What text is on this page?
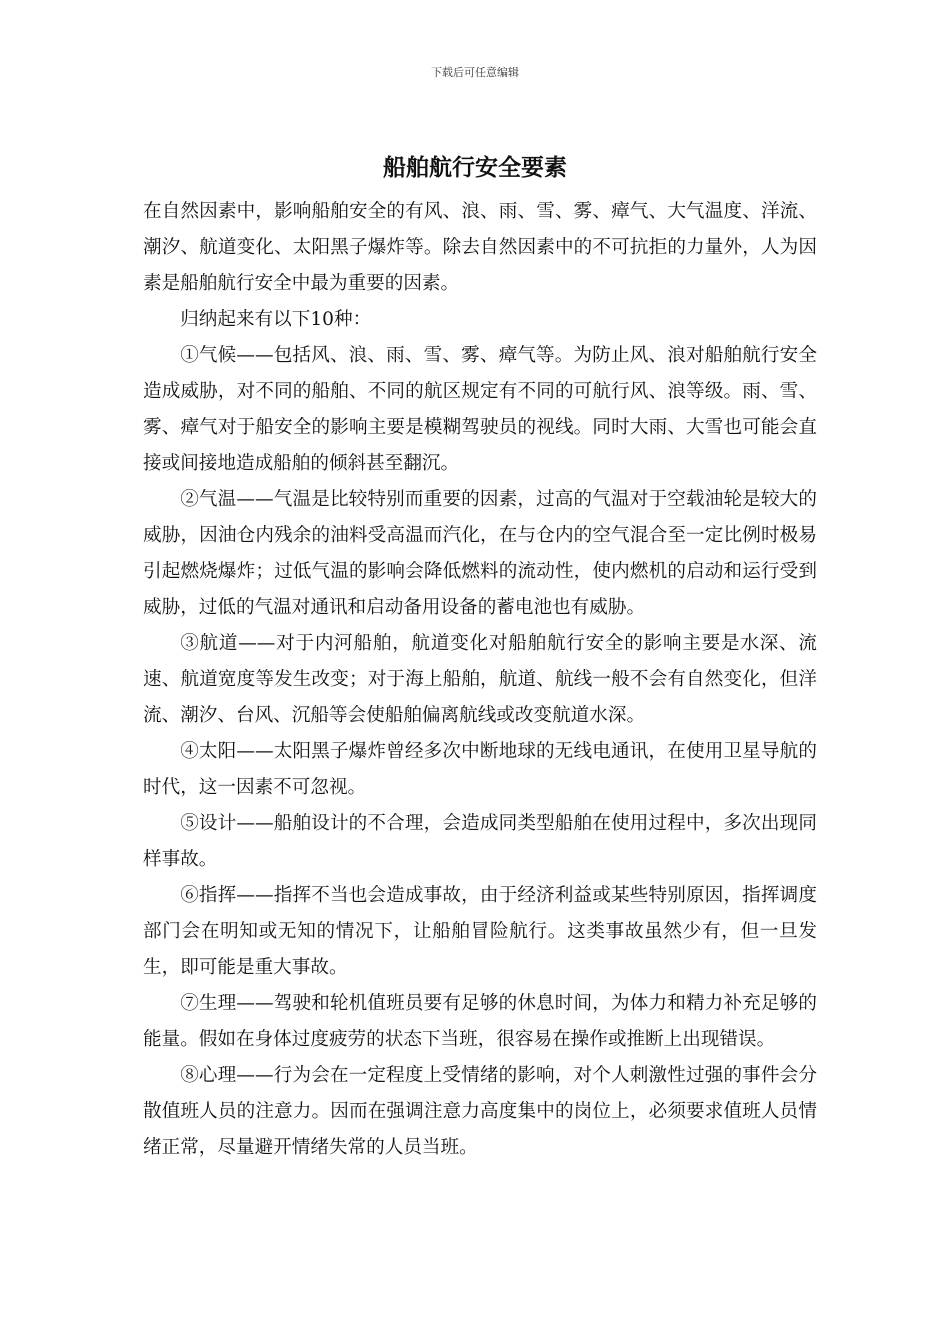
下载后可任意编辑
船舶航行安全要素

在自然因素中，影响船舶安全的有风、浪、雨、雪、雾、瘴气、大气温度、洋流、潮汐、航道变化、太阳黑子爆炸等。除去自然因素中的不可抗拒的力量外，人为因素是船舶航行安全中最为重要的因素。

归纳起来有以下10种：

①气候——包括风、浪、雨、雪、雾、瘴气等。为防止风、浪对船舶航行安全造成威胁，对不同的船舶、不同的航区规定有不同的可航行风、浪等级。雨、雪、雾、瘴气对于船安全的影响主要是模糊驾驶员的视线。同时大雨、大雪也可能会直接或间接地造成船舶的倾斜甚至翻沉。

②气温——气温是比较特别而重要的因素，过高的气温对于空载油轮是较大的威胁，因油仓内残余的油料受高温而汽化，在与仓内的空气混合至一定比例时极易引起燃烧爆炸；过低气温的影响会降低燃料的流动性，使内燃机的启动和运行受到威胁，过低的气温对通讯和启动备用设备的蓄电池也有威胁。

③航道——对于内河船舶，航道变化对船舶航行安全的影响主要是水深、流速、航道宽度等发生改变；对于海上船舶，航道、航线一般不会有自然变化，但洋流、潮汐、台风、沉船等会使船舶偏离航线或改变航道水深。

④太阳——太阳黑子爆炸曾经多次中断地球的无线电通讯，在使用卫星导航的时代，这一因素不可忽视。

⑤设计——船舶设计的不合理，会造成同类型船舶在使用过程中，多次出现同样事故。

⑥指挥——指挥不当也会造成事故，由于经济利益或某些特别原因，指挥调度部门会在明知或无知的情况下，让船舶冒险航行。这类事故虽然少有，但一旦发生，即可能是重大事故。

⑦生理——驾驶和轮机值班员要有足够的休息时间，为体力和精力补充足够的能量。假如在身体过度疲劳的状态下当班，很容易在操作或推断上出现错误。

⑧心理——行为会在一定程度上受情绪的影响，对个人刺激性过强的事件会分散值班人员的注意力。因而在强调注意力高度集中的岗位上，必须要求值班人员情绪正常，尽量避开情绪失常的人员当班。
